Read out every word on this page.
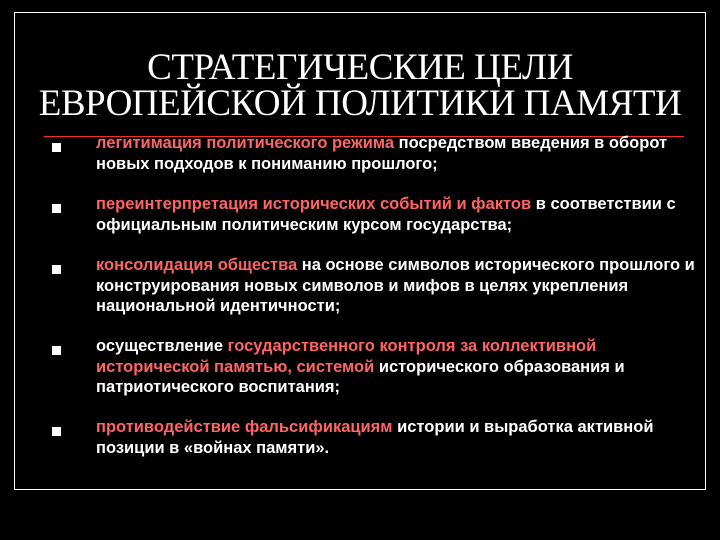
СТРАТЕГИЧЕСКИЕ ЦЕЛИ
ЕВРОПЕЙСКОЙ ПОЛИТИКИ ПАМЯТИ
легитимация политического режима посредством введения в оборот новых подходов к пониманию прошлого;
переинтерпретация исторических событий и фактов в соответствии с официальным политическим курсом государства;
консолидация общества на основе символов исторического прошлого и конструирования новых символов и мифов в целях укрепления национальной идентичности;
осуществление государственного контроля за коллективной исторической памятью, системой исторического образования и патриотического воспитания;
противодействие фальсификациям истории и выработка активной позиции в «войнах памяти».
